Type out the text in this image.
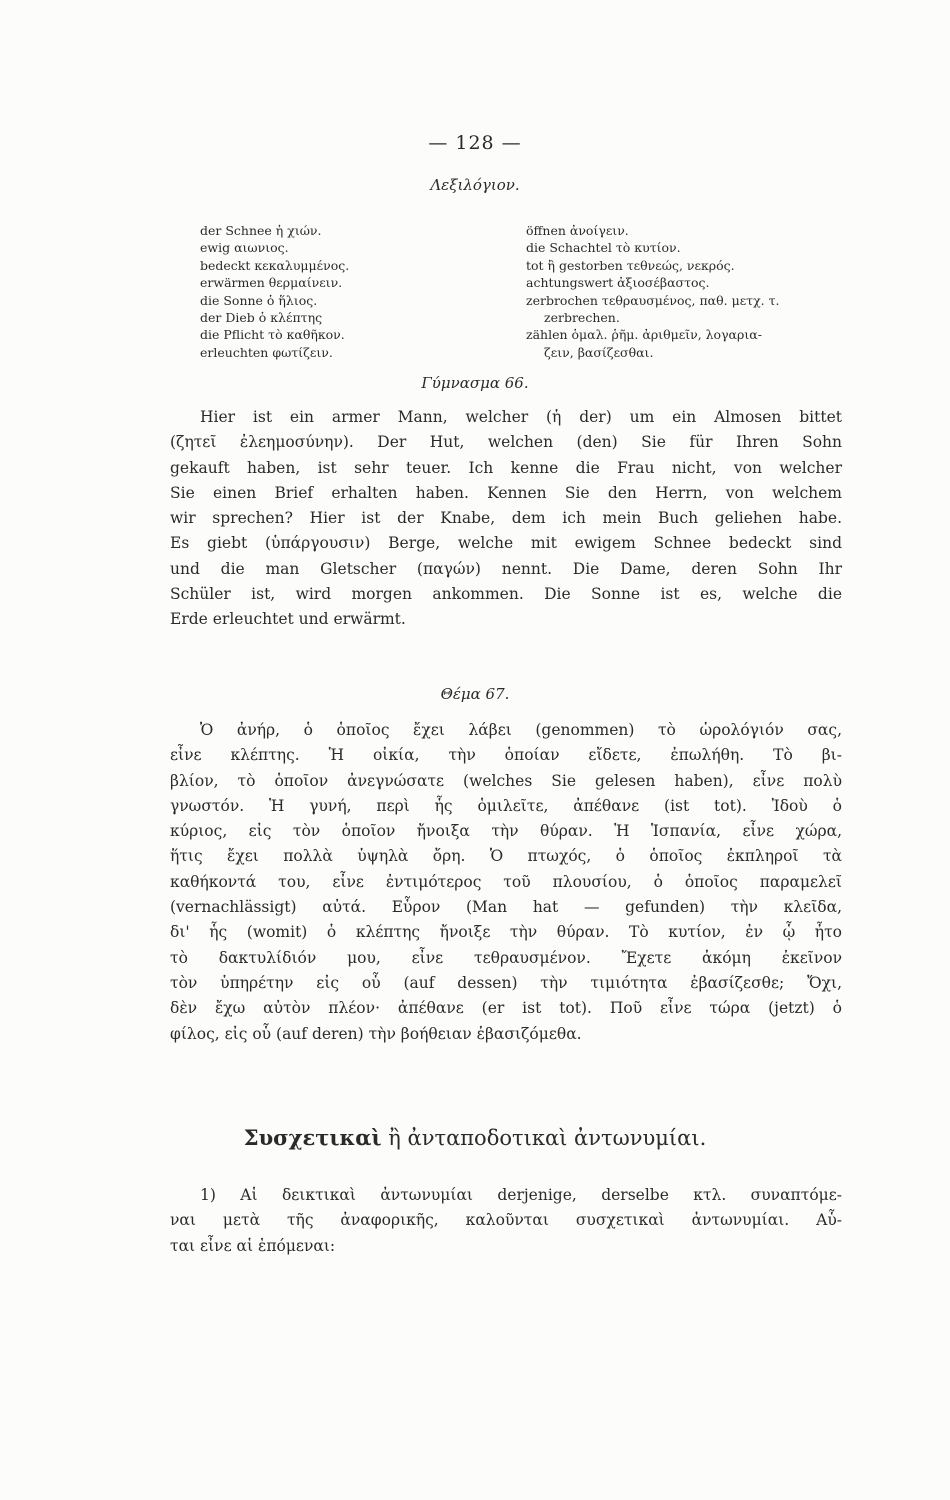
— 128 —
Λεξιλόγιον.
der Schnee ἡ χιών.
ewig αιωνιος.
bedeckt κεκαλυμμένος.
erwärmen θερμαίνειν.
die Sonne ὁ ἥλιος.
der Dieb ὁ κλέπτης
die Pflicht τὸ καθῆκον.
erleuchten φωτίζειν.
öffnen ἀνοίγειν.
die Schachtel τὸ κυτίον.
tot ἢ gestorben τεθνεώς, νεκρός.
achtungswert ἀξιοσέβαστος.
zerbrochen τεθραυσμένος, παθ. μετχ. τ.
zerbrechen.
zählen ὁμαλ. ῥῆμ. ἀριθμεῖν, λογαρια-
ζειν, βασίζεσθαι.
Γύμνασμα 66.
Hier ist ein armer Mann, welcher (ἡ der) um ein Almosen bittet
(ζητεῖ ἐλεημοσύνην). Der Hut, welchen (den) Sie für Ihren Sohn
gekauft haben, ist sehr teuer. Ich kenne die Frau nicht, von welcher
Sie einen Brief erhalten haben. Kennen Sie den Herrn, von welchem
wir sprechen? Hier ist der Knabe, dem ich mein Buch geliehen habe.
Es giebt (ὑπάργουσιν) Berge, welche mit ewigem Schnee bedeckt sind
und die man Gletscher (παγών) nennt. Die Dame, deren Sohn Ihr
Schüler ist, wird morgen ankommen. Die Sonne ist es, welche die
Erde erleuchtet und erwärmt.
Θέμα 67.
Ὁ ἀνήρ, ὁ ὁποῖος ἔχει λάβει (genommen) τὸ ὡρολόγιόν σας,
εἶνε κλέπτης. Ἡ οἰκία, τὴν ὁποίαν εἴδετε, ἐπωλήθη. Τὸ βι-
βλίον, τὸ ὁποῖον ἀνεγνώσατε (welches Sie gelesen haben), εἶνε πολὺ
γνωστόν. Ἡ γυνή, περὶ ἧς ὁμιλεῖτε, ἀπέθανε (ist tot). Ἰδοὺ ὁ
κύριος, εἰς τὸν ὁποῖον ἤνοιξα τὴν θύραν. Ἡ Ἱσπανία, εἶνε χώρα,
ἥτις ἔχει πολλὰ ὑψηλὰ ὄρη. Ὁ πτωχός, ὁ ὁποῖος ἐκπληροῖ τὰ
καθήκοντά του, εἶνε ἐντιμότερος τοῦ πλουσίου, ὁ ὁποῖος παραμελεῖ
(vernachlässigt) αὐτά. Εὗρον (Man hat — gefunden) τὴν κλεῖδα,
δι' ἧς (womit) ὁ κλέπτης ἤνοιξε τὴν θύραν. Τὸ κυτίον, ἐν ᾧ ἦτο
τὸ δακτυλίδιόν μου, εἶνε τεθραυσμένον. Ἔχετε ἀκόμη ἐκεῖνον
τὸν ὑπηρέτην εἰς οὗ (auf dessen) τὴν τιμιότητα ἐβασίζεσθε; Ὄχι,
δὲν ἔχω αὐτὸν πλέον· ἀπέθανε (er ist tot). Ποῦ εἶνε τώρα (jetzt) ὁ
φίλος, εἰς οὗ (auf deren) τὴν βοήθειαν ἐβασιζόμεθα.
Συσχετικαὶ ἢ ἀνταποδοτικαὶ ἀντωνυμίαι.
1) Αἱ δεικτικαὶ ἀντωνυμίαι derjenige, derselbe κτλ. συναπτόμε-
ναι μετὰ τῆς ἀναφορικῆς, καλοῦνται συσχετικαὶ ἀντωνυμίαι. Αὗ-
ται εἶνε αἱ ἑπόμεναι:
